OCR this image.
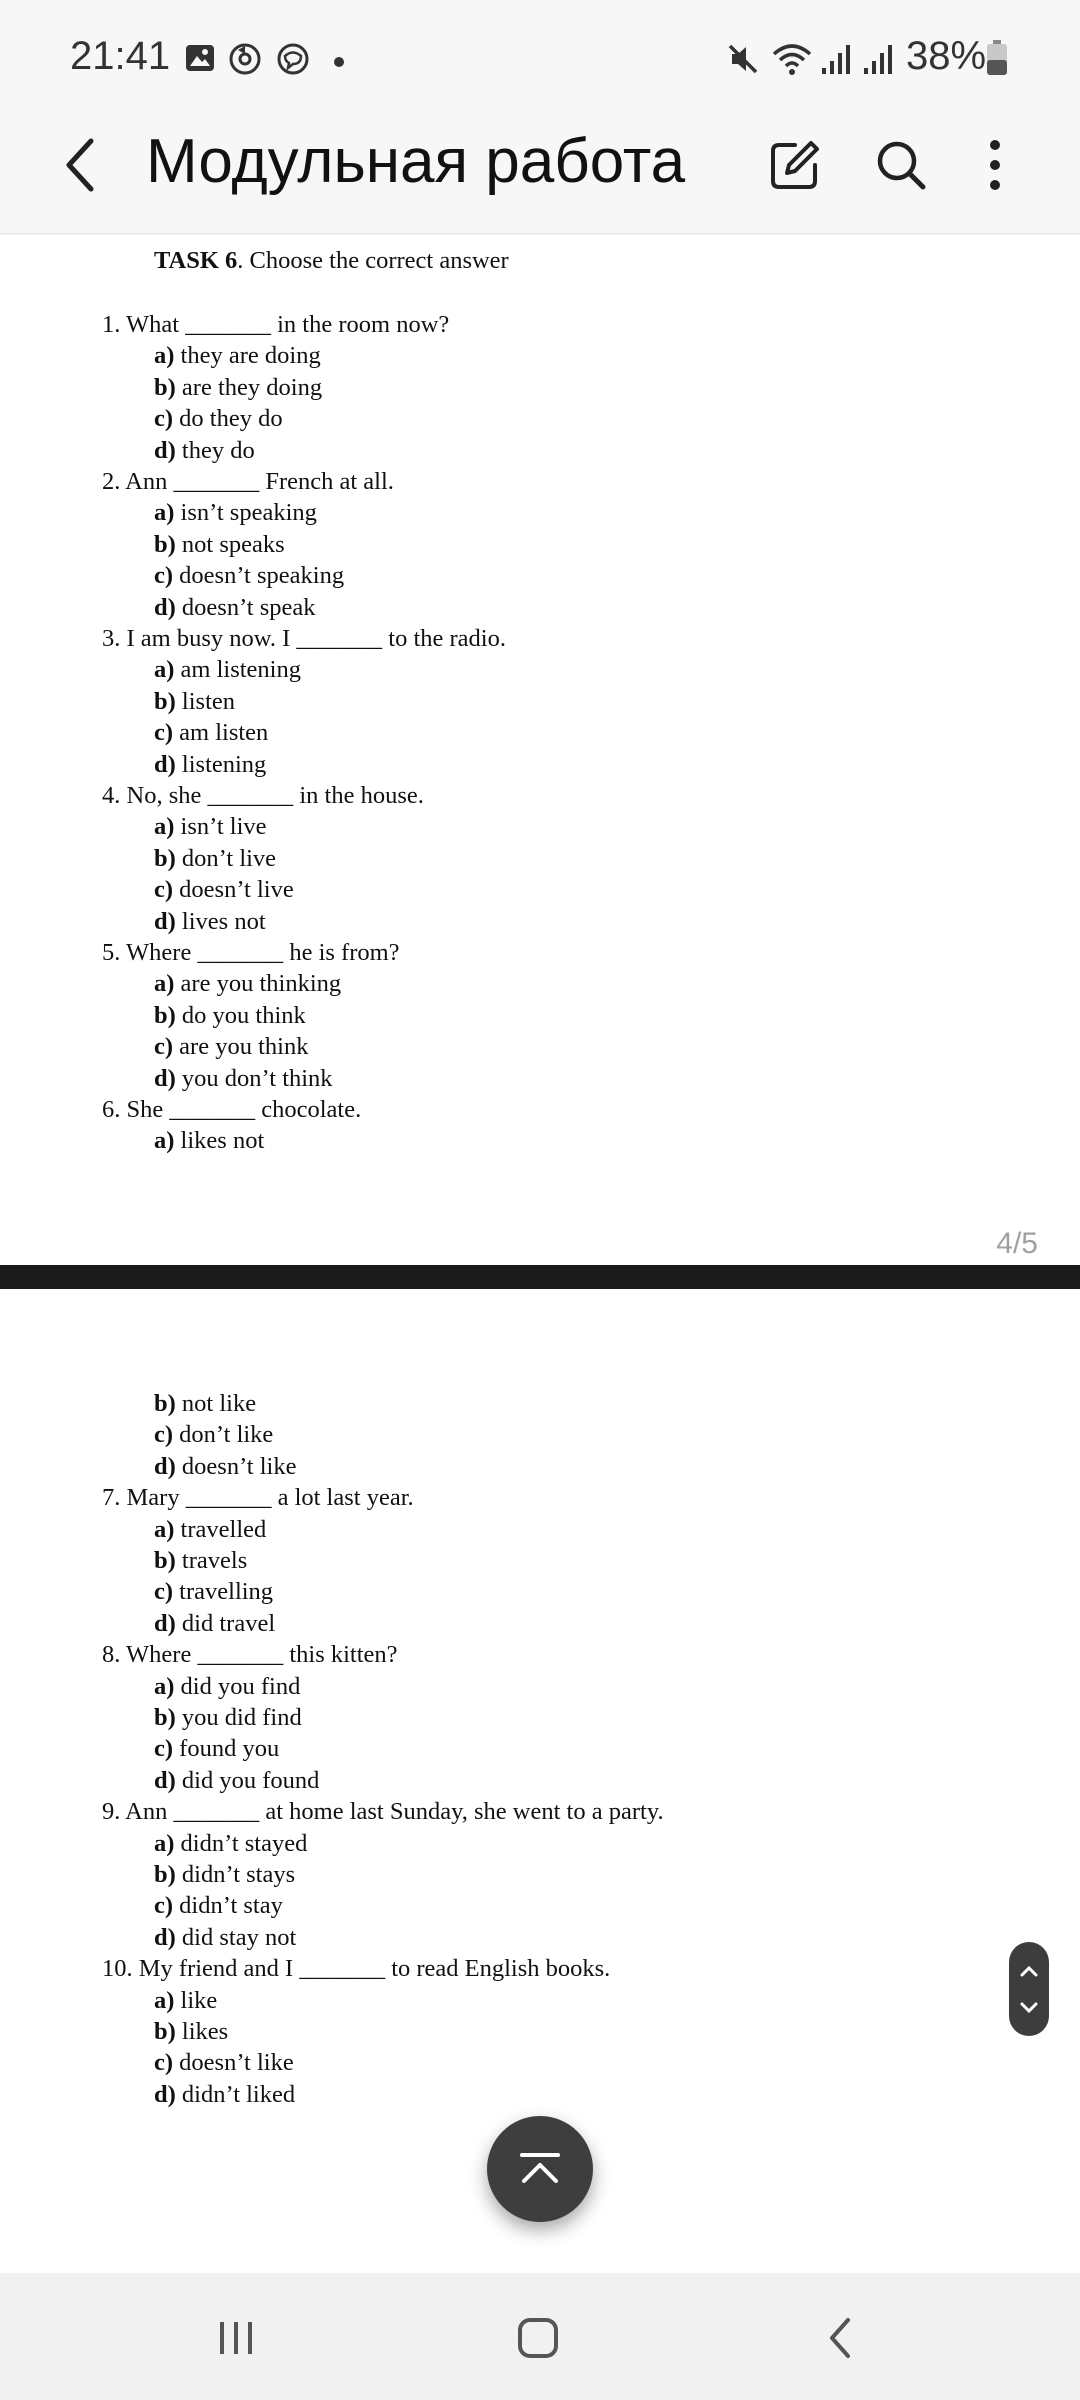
21:41	38%
Модульная работа
TASK 6. Choose the correct answer
1. What _______ in the room now?
a) they are doing
b) are they doing
c) do they do
d) they do
2. Ann _______ French at all.
a) isn’t speaking
b) not speaks
c) doesn’t speaking
d) doesn’t speak
3. I am busy now. I _______ to the radio.
a) am listening
b) listen
c) am listen
d) listening
4. No, she _______ in the house.
a) isn’t live
b) don’t live
c) doesn’t live
d) lives not
5. Where _______ he is from?
a) are you thinking
b) do you think
c) are you think
d) you don’t think
6. She _______ chocolate.
a) likes not
4/5
b) not like
c) don’t like
d) doesn’t like
7. Mary _______ a lot last year.
a) travelled
b) travels
c) travelling
d) did travel
8. Where _______ this kitten?
a) did you find
b) you did find
c) found you
d) did you found
9. Ann _______ at home last Sunday, she went to a party.
a) didn’t stayed
b) didn’t stays
c) didn’t stay
d) did stay not
10. My friend and I _______ to read English books.
a) like
b) likes
c) doesn’t like
d) didn’t liked
